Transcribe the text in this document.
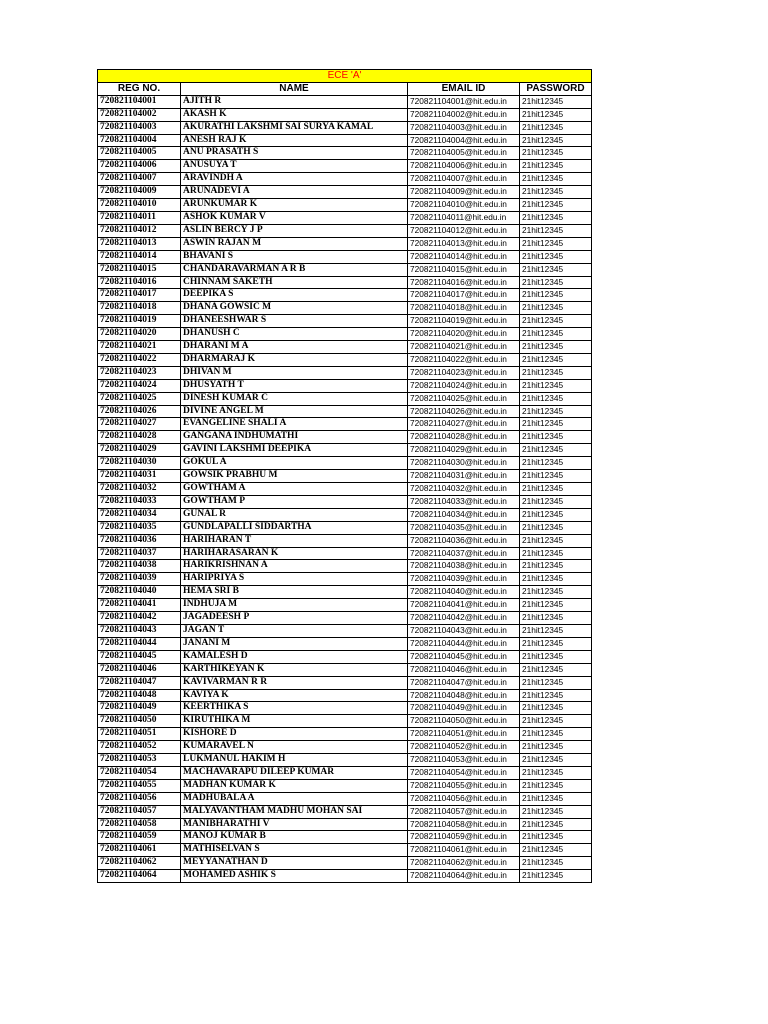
ECE 'A'			
REG NO.	NAME	EMAIL ID	PASSWORD
720821104001	AJITH R	720821104001@hit.edu.in	21hit12345
720821104002	AKASH K	720821104002@hit.edu.in	21hit12345
720821104003	AKURATHI LAKSHMI SAI SURYA KAMAL	720821104003@hit.edu.in	21hit12345
720821104004	ANESH RAJ K	720821104004@hit.edu.in	21hit12345
720821104005	ANU PRASATH S	720821104005@hit.edu.in	21hit12345
720821104006	ANUSUYA T	720821104006@hit.edu.in	21hit12345
720821104007	ARAVINDH A	720821104007@hit.edu.in	21hit12345
720821104009	ARUNADEVI A	720821104009@hit.edu.in	21hit12345
720821104010	ARUNKUMAR K	720821104010@hit.edu.in	21hit12345
720821104011	ASHOK KUMAR V	720821104011@hit.edu.in	21hit12345
720821104012	ASLIN BERCY J P	720821104012@hit.edu.in	21hit12345
720821104013	ASWIN RAJAN M	720821104013@hit.edu.in	21hit12345
720821104014	BHAVANI S	720821104014@hit.edu.in	21hit12345
720821104015	CHANDARAVARMAN A R B	720821104015@hit.edu.in	21hit12345
720821104016	CHINNAM SAKETH	720821104016@hit.edu.in	21hit12345
720821104017	DEEPIKA S	720821104017@hit.edu.in	21hit12345
720821104018	DHANA GOWSIC M	720821104018@hit.edu.in	21hit12345
720821104019	DHANEESHWAR S	720821104019@hit.edu.in	21hit12345
720821104020	DHANUSH C	720821104020@hit.edu.in	21hit12345
720821104021	DHARANI M A	720821104021@hit.edu.in	21hit12345
720821104022	DHARMARAJ K	720821104022@hit.edu.in	21hit12345
720821104023	DHIVAN M	720821104023@hit.edu.in	21hit12345
720821104024	DHUSYATH T	720821104024@hit.edu.in	21hit12345
720821104025	DINESH KUMAR C	720821104025@hit.edu.in	21hit12345
720821104026	DIVINE ANGEL M	720821104026@hit.edu.in	21hit12345
720821104027	EVANGELINE SHALI A	720821104027@hit.edu.in	21hit12345
720821104028	GANGANA INDHUMATHI	720821104028@hit.edu.in	21hit12345
720821104029	GAVINI LAKSHMI DEEPIKA	720821104029@hit.edu.in	21hit12345
720821104030	GOKUL A	720821104030@hit.edu.in	21hit12345
720821104031	GOWSIK PRABHU M	720821104031@hit.edu.in	21hit12345
720821104032	GOWTHAM A	720821104032@hit.edu.in	21hit12345
720821104033	GOWTHAM P	720821104033@hit.edu.in	21hit12345
720821104034	GUNAL R	720821104034@hit.edu.in	21hit12345
720821104035	GUNDLAPALLI SIDDARTHA	720821104035@hit.edu.in	21hit12345
720821104036	HARIHARAN T	720821104036@hit.edu.in	21hit12345
720821104037	HARIHARASARAN K	720821104037@hit.edu.in	21hit12345
720821104038	HARIKRISHNAN A	720821104038@hit.edu.in	21hit12345
720821104039	HARIPRIYA S	720821104039@hit.edu.in	21hit12345
720821104040	HEMA SRI B	720821104040@hit.edu.in	21hit12345
720821104041	INDHUJA M	720821104041@hit.edu.in	21hit12345
720821104042	JAGADEESH P	720821104042@hit.edu.in	21hit12345
720821104043	JAGAN T	720821104043@hit.edu.in	21hit12345
720821104044	JANANI M	720821104044@hit.edu.in	21hit12345
720821104045	KAMALESH D	720821104045@hit.edu.in	21hit12345
720821104046	KARTHIKEYAN K	720821104046@hit.edu.in	21hit12345
720821104047	KAVIVARMAN R R	720821104047@hit.edu.in	21hit12345
720821104048	KAVIYA K	720821104048@hit.edu.in	21hit12345
720821104049	KEERTHIKA S	720821104049@hit.edu.in	21hit12345
720821104050	KIRUTHIKA M	720821104050@hit.edu.in	21hit12345
720821104051	KISHORE D	720821104051@hit.edu.in	21hit12345
720821104052	KUMARAVEL N	720821104052@hit.edu.in	21hit12345
720821104053	LUKMANUL HAKIM H	720821104053@hit.edu.in	21hit12345
720821104054	MACHAVARAPU DILEEP KUMAR	720821104054@hit.edu.in	21hit12345
720821104055	MADHAN KUMAR K	720821104055@hit.edu.in	21hit12345
720821104056	MADHUBALA A	720821104056@hit.edu.in	21hit12345
720821104057	MALYAVANTHAM MADHU MOHAN SAI	720821104057@hit.edu.in	21hit12345
720821104058	MANIBHARATHI V	720821104058@hit.edu.in	21hit12345
720821104059	MANOJ KUMAR B	720821104059@hit.edu.in	21hit12345
720821104061	MATHISELVAN S	720821104061@hit.edu.in	21hit12345
720821104062	MEYYANATHAN D	720821104062@hit.edu.in	21hit12345
720821104064	MOHAMED ASHIK S	720821104064@hit.edu.in	21hit12345
